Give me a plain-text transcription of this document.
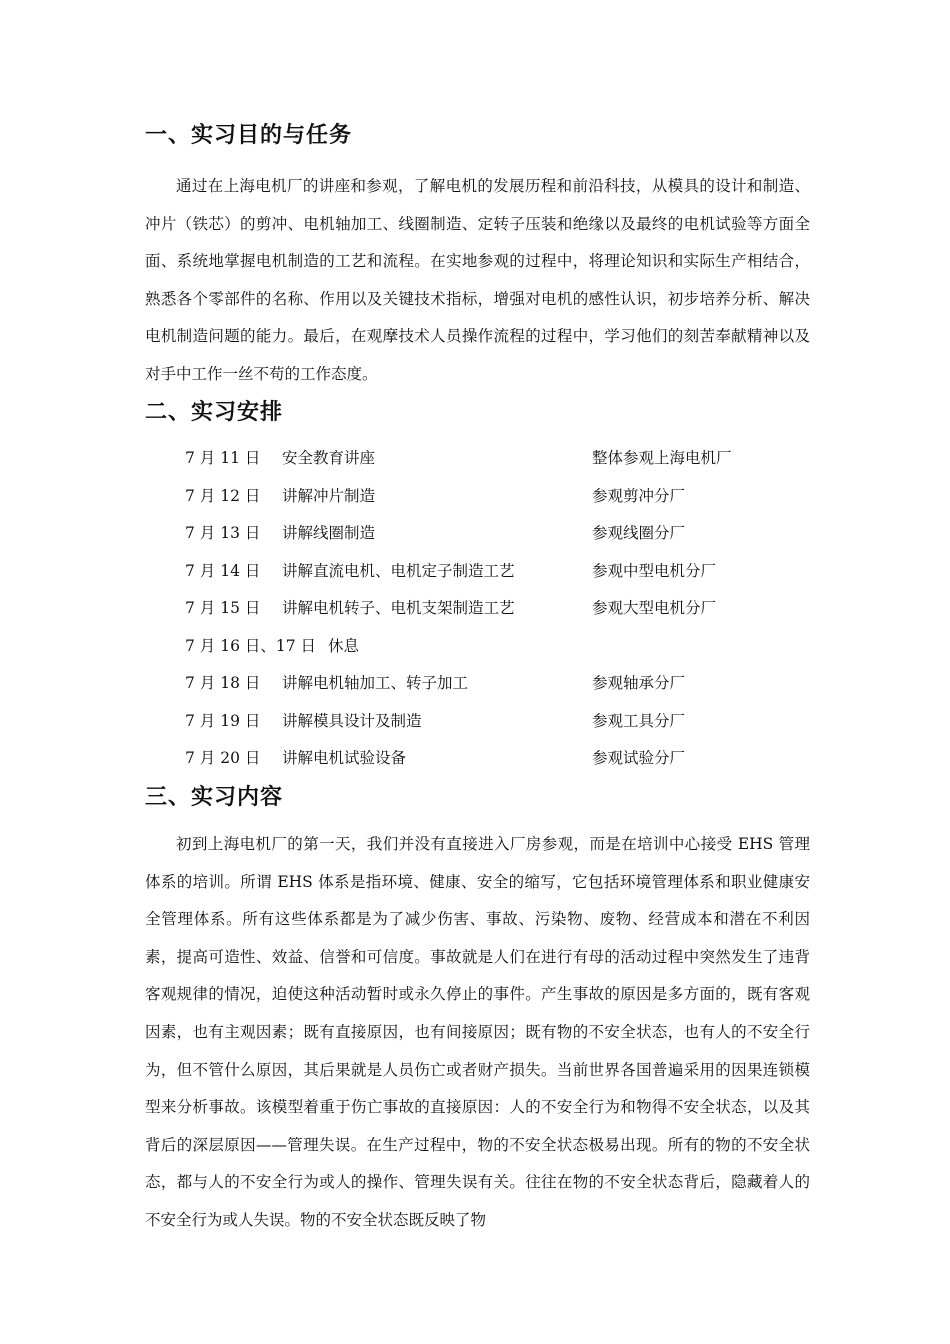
一、实习目的与任务

通过在上海电机厂的讲座和参观，了解电机的发展历程和前沿科技，从模具的设计和制造、冲片（铁芯）的剪冲、电机轴加工、线圈制造、定转子压装和绝缘以及最终的电机试验等方面全面、系统地掌握电机制造的工艺和流程。在实地参观的过程中，将理论知识和实际生产相结合，熟悉各个零部件的名称、作用以及关键技术指标，增强对电机的感性认识，初步培养分析、解决电机制造问题的能力。最后，在观摩技术人员操作流程的过程中，学习他们的刻苦奉献精神以及对手中工作一丝不苟的工作态度。

二、实习安排
7 月 11 日 安全教育讲座	整体参观上海电机厂
7 月 12 日 讲解冲片制造	参观剪冲分厂
7 月 13 日 讲解线圈制造	参观线圈分厂
7 月 14 日 讲解直流电机、电机定子制造工艺	参观中型电机分厂
7 月 15 日 讲解电机转子、电机支架制造工艺	参观大型电机分厂
7 月 16 日、17 日 休息
7 月 18 日 讲解电机轴加工、转子加工	参观轴承分厂
7 月 19 日 讲解模具设计及制造	参观工具分厂
7 月 20 日 讲解电机试验设备	参观试验分厂
三、实习内容

初到上海电机厂的第一天，我们并没有直接进入厂房参观，而是在培训中心接受 EHS 管理体系的培训。所谓 EHS 体系是指环境、健康、安全的缩写，它包括环境管理体系和职业健康安全管理体系。所有这些体系都是为了减少伤害、事故、污染物、废物、经营成本和潜在不利因素，提高可造性、效益、信誉和可信度。事故就是人们在进行有母的活动过程中突然发生了违背客观规律的情况，迫使这种活动暂时或永久停止的事件。产生事故的原因是多方面的，既有客观因素，也有主观因素；既有直接原因，也有间接原因；既有物的不安全状态，也有人的不安全行为，但不管什么原因，其后果就是人员伤亡或者财产损失。当前世界各国普遍采用的因果连锁模型来分析事故。该模型着重于伤亡事故的直接原因：人的不安全行为和物得不安全状态，以及其背后的深层原因——管理失误。在生产过程中，物的不安全状态极易出现。所有的物的不安全状态，都与人的不安全行为或人的操作、管理失误有关。往往在物的不安全状态背后，隐藏着人的不安全行为或人失误。物的不安全状态既反映了物
